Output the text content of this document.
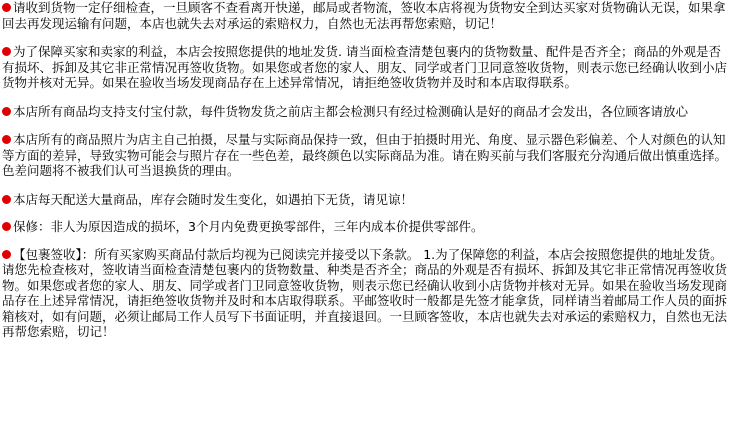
请收到货物一定仔细检查，一旦顾客不查看离开快递，邮局或者物流，签收本店将视为货物安全到达买家对货物确认无误，如果拿回去再发现运输有问题，本店也就失去对承运的索赔权力，自然也无法再帮您索赔，切记！

为了保障买家和卖家的利益，本店会按照您提供的地址发货. 请当面检查清楚包裹内的货物数量、配件是否齐全；商品的外观是否有损坏、拆卸及其它非正常情况再签收货物。如果您或者您的家人、朋友、同学或者门卫同意签收货物，则表示您已经确认收到小店货物并核对无异。如果在验收当场发现商品存在上述异常情况，请拒绝签收货物并及时和本店取得联系。

本店所有商品均支持支付宝付款，每件货物发货之前店主都会检测只有经过检测确认是好的商品才会发出，各位顾客请放心

本店所有的商品照片为店主自己拍摄，尽量与实际商品保持一致，但由于拍摄时用光、角度、显示器色彩偏差、个人对颜色的认知等方面的差异，导致实物可能会与照片存在一些色差，最终颜色以实际商品为准。请在购买前与我们客服充分沟通后做出慎重选择。色差问题将不被我们认可当退换货的理由。

本店每天配送大量商品，库存会随时发生变化，如遇拍下无货，请见谅！

保修：非人为原因造成的损坏，3个月内免费更换零部件，三年内成本价提供零部件。

【包裹签收】：所有买家购买商品付款后均视为已阅读完并接受以下条款。 1.为了保障您的利益，本店会按照您提供的地址发货。请您先检查核对，签收请当面检查清楚包裹内的货物数量、种类是否齐全；商品的外观是否有损坏、拆卸及其它非正常情况再签收货物。如果您或者您的家人、朋友、同学或者门卫同意签收货物，则表示您已经确认收到小店货物并核对无异。如果在验收当场发现商品存在上述异常情况，请拒绝签收货物并及时和本店取得联系。平邮签收时一般都是先签才能拿货，同样请当着邮局工作人员的面拆箱核对，如有问题，必须让邮局工作人员写下书面证明，并直接退回。一旦顾客签收，本店也就失去对承运的索赔权力，自然也无法再帮您索赔，切记！
